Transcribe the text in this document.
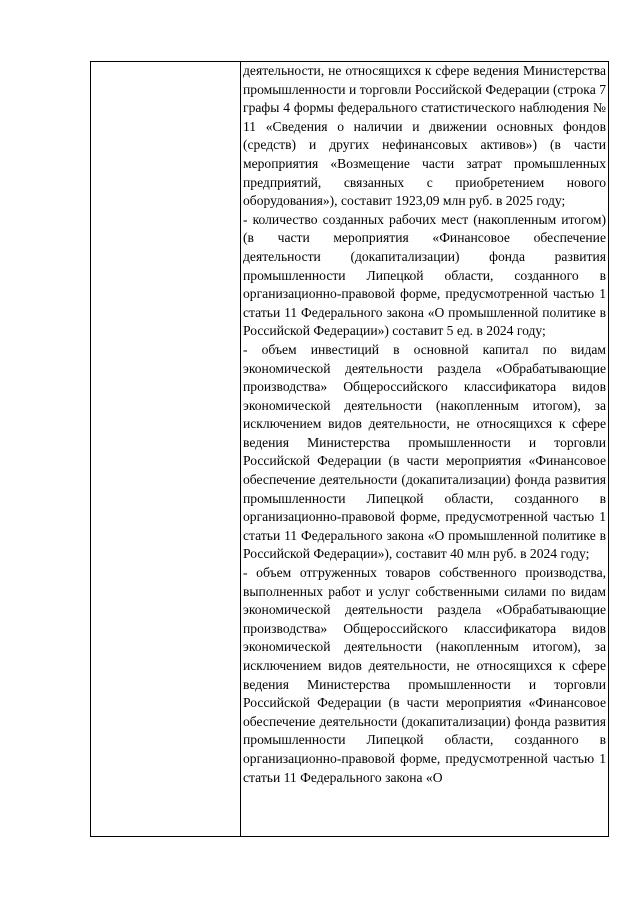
деятельности, не относящихся к сфере ведения Министерства промышленности и торговли Российской Федерации (строка 7 графы 4 формы федерального статистического наблюдения № 11 «Сведения о наличии и движении основных фондов (средств) и других нефинансовых активов») (в части мероприятия «Возмещение части затрат промышленных предприятий, связанных с приобретением нового оборудования»), составит 1923,09 млн руб. в 2025 году;

- количество созданных рабочих мест (накопленным итогом) (в части мероприятия «Финансовое обеспечение деятельности (докапитализации) фонда развития промышленности Липецкой области, созданного в организационно-правовой форме, предусмотренной частью 1 статьи 11 Федерального закона «О промышленной политике в Российской Федерации») составит 5 ед. в 2024 году;

- объем инвестиций в основной капитал по видам экономической деятельности раздела «Обрабатывающие производства» Общероссийского классификатора видов экономической деятельности (накопленным итогом), за исключением видов деятельности, не относящихся к сфере ведения Министерства промышленности и торговли Российской Федерации (в части мероприятия «Финансовое обеспечение деятельности (докапитализации) фонда развития промышленности Липецкой области, созданного в организационно-правовой форме, предусмотренной частью 1 статьи 11 Федерального закона «О промышленной политике в Российской Федерации»), составит 40 млн руб. в 2024 году;

- объем отгруженных товаров собственного производства, выполненных работ и услуг собственными силами по видам экономической деятельности раздела «Обрабатывающие производства» Общероссийского классификатора видов экономической деятельности (накопленным итогом), за исключением видов деятельности, не относящихся к сфере ведения Министерства промышленности и торговли Российской Федерации (в части мероприятия «Финансовое обеспечение деятельности (докапитализации) фонда развития промышленности Липецкой области, созданного в организационно-правовой форме, предусмотренной частью 1 статьи 11 Федерального закона «О
